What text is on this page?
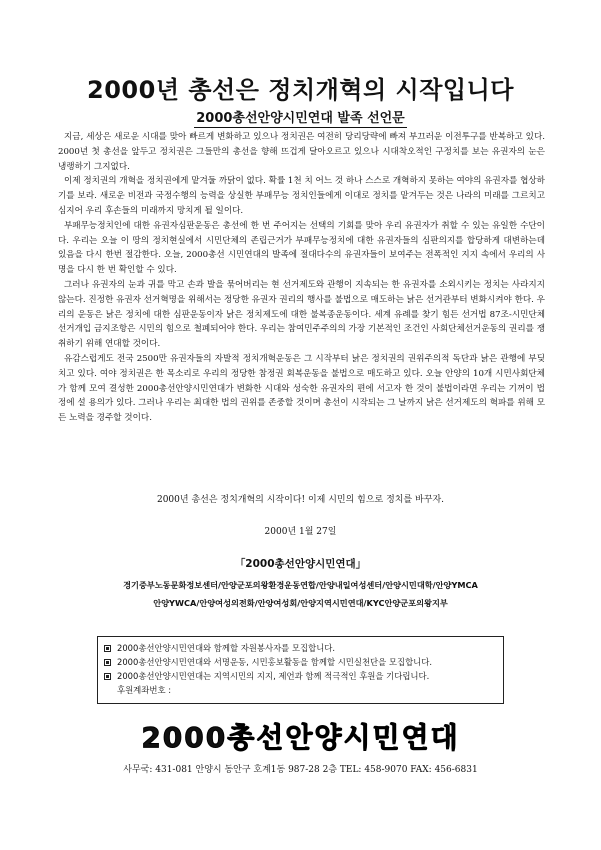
2000년 총선은 정치개혁의 시작입니다
2000총선안양시민연대 발족 선언문

지금, 세상은 새로운 시대를 맞아 빠르게 변화하고 있으나 정치권은 여전히 당리당략에 빠져 부끄러운 이전투구를 반복하고 있다. 2000년 첫 총선을 앞두고 정치권은 그들만의 총선을 향해 뜨겁게 달아오르고 있으나 시대착오적인 구정치를 보는 유권자의 눈은 냉랭하기 그지없다.

이제 정치권의 개혁을 정치권에게 맡겨둘 까닭이 없다. 확률 1천 치 어느 것 하나 스스로 개혁하지 못하는 여야의 유권자를 협상하기를 보라. 새로운 비전과 국정수행의 능력을 상실한 부패무능 정치인들에게 이대로 정치를 맡겨두는 것은 나라의 미래를 그르치고 심지어 우리 후손들의 미래까지 망치게 될 일이다.

부패무능정치인에 대한 유권자심판운동은 총선에 한 번 주어지는 선택의 기회를 맞아 우리 유권자가 취할 수 있는 유일한 수단이다. 우리는 오늘 이 땅의 정치현실에서 시민단체의 존립근거가 부패무능정치에 대한 유권자들의 심판의지를 합당하게 대변하는데 있음을 다시 한번 절감한다. 오늘, 2000총선 시민연대의 발족에 절대다수의 유권자들이 보여주는 전폭적인 지지 속에서 우리의 사명을 다시 한 번 확인할 수 있다.

그러나 유권자의 눈과 귀를 막고 손과 발을 묶어버리는 현 선거제도와 관행이 지속되는 한 유권자를 소외시키는 정치는 사라지지 않는다. 진정한 유권자 선거혁명을 위해서는 정당한 유권자 권리의 행사를 불법으로 매도하는 낡은 선거관부터 변화시켜야 한다. 우리의 운동은 낡은 정치에 대한 심판운동이자 낡은 정치제도에 대한 불복종운동이다. 세계 유례를 찾기 힘든 선거법 87조-시민단체 선거개입 금지조항은 시민의 힘으로 철폐되어야 한다. 우리는 참여민주주의의 가장 기본적인 조건인 사회단체선거운동의 권리를 쟁취하기 위해 연대할 것이다.

유감스럽게도 전국 2500만 유권자들의 자발적 정치개혁운동은 그 시작부터 낡은 정치권의 권위주의적 독단과 낡은 관행에 부딪치고 있다. 여야 정치권은 한 목소리로 우리의 정당한 참정권 회복운동을 불법으로 매도하고 있다. 오늘 안양의 10개 시민사회단체가 함께 모여 결성한 2000총선안양시민연대가 변화한 시대와 성숙한 유권자의 편에 서고자 한 것이 불법이라면 우리는 기꺼이 법정에 설 용의가 있다. 그러나 우리는 최대한 법의 권위를 존중할 것이며 총선이 시작되는 그 날까지 낡은 선거제도의 혁파를 위해 모든 노력을 경주할 것이다.

2000년 총선은 정치개혁의 시작이다! 이제 시민의 힘으로 정치를 바꾸자.
2000년 1월 27일
「2000총선안양시민연대」
경기중부노동문화정보센터/안양군포의왕환경운동연합/안양내일여성센터/안양시민대학/안양YMCA
안양YWCA/안양여성의전화/안양여성회/안양지역시민연대/KYC안양군포의왕지부
2000총선안양시민연대와 함께할 자원봉사자를 모집합니다.
2000총선안양시민연대와 서명운동, 시민홍보활동을 함께할 시민실천단을 모집합니다.
2000총선안양시민연대는 지역시민의 지지, 제언과 함께 적극적인 후원을 기다립니다.
후원계좌번호 :
2000총선안양시민연대
사무국: 431-081 안양시 동안구 호계1동 987-28 2층 TEL: 458-9070 FAX: 456-6831
